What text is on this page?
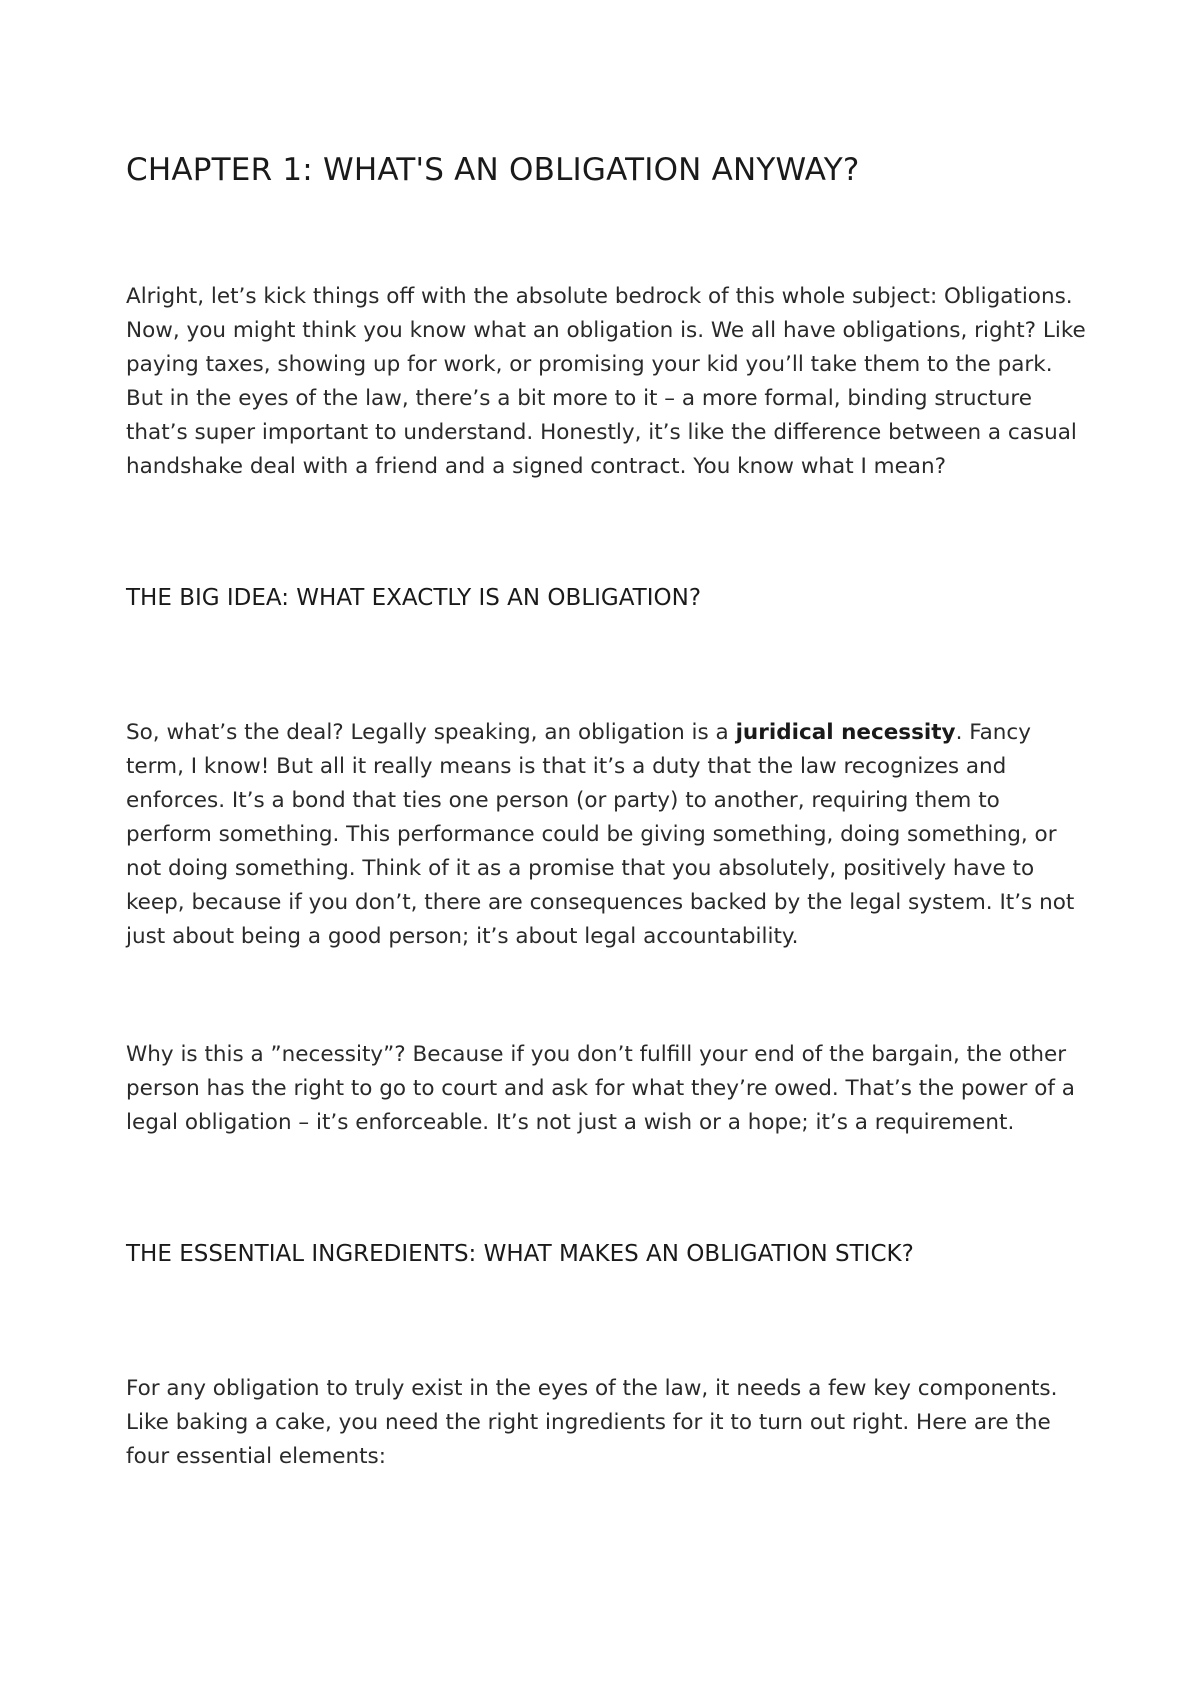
CHAPTER 1: WHAT'S AN OBLIGATION ANYWAY?

Alright, let’s kick things off with the absolute bedrock of this whole subject: Obligations. Now, you might think you know what an obligation is. We all have obligations, right? Like paying taxes, showing up for work, or promising your kid you’ll take them to the park. But in the eyes of the law, there’s a bit more to it – a more formal, binding structure that’s super important to understand. Honestly, it’s like the difference between a casual handshake deal with a friend and a signed contract. You know what I mean?

THE BIG IDEA: WHAT EXACTLY IS AN OBLIGATION?

So, what’s the deal? Legally speaking, an obligation is a juridical necessity. Fancy term, I know! But all it really means is that it’s a duty that the law recognizes and enforces. It’s a bond that ties one person (or party) to another, requiring them to perform something. This performance could be giving something, doing something, or not doing something. Think of it as a promise that you absolutely, positively have to keep, because if you don’t, there are consequences backed by the legal system. It’s not just about being a good person; it’s about legal accountability.

Why is this a ”necessity”? Because if you don’t fulfill your end of the bargain, the other person has the right to go to court and ask for what they’re owed. That’s the power of a legal obligation – it’s enforceable. It’s not just a wish or a hope; it’s a requirement.

THE ESSENTIAL INGREDIENTS: WHAT MAKES AN OBLIGATION STICK?

For any obligation to truly exist in the eyes of the law, it needs a few key components. Like baking a cake, you need the right ingredients for it to turn out right. Here are the four essential elements:
